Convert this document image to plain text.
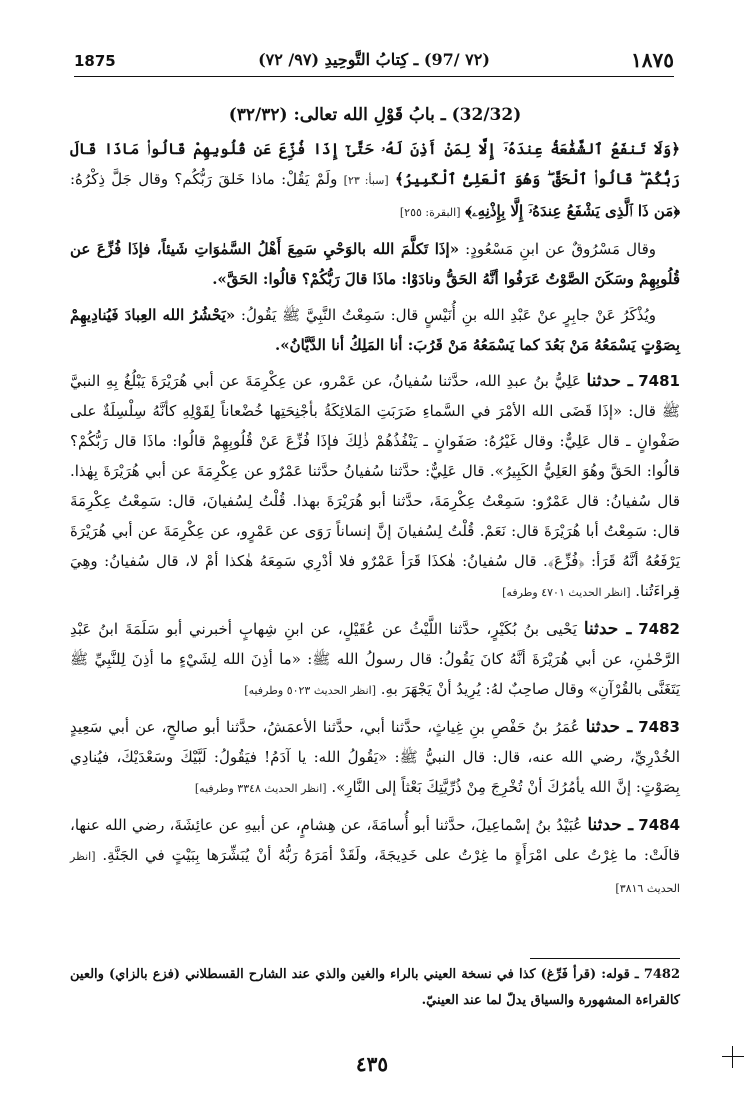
١٨٧٥
(٧٢ /97) ـ كِتابُ التَّوحِيدِ (٩٧/ ٧٢)
1875
(32/32) ـ بابُ قَوْلِ الله تعالى: (٣٢/٣٢)

﴿وَلَا تَنفَعُ ٱلشَّفَٰعَةُ عِندَهُۥٓ إِلَّا لِمَنْ أَذِنَ لَهُۥ حَتَّىٰٓ إِذَا فُزِّعَ عَن قُلُوبِهِمْ قَالُوا۟ مَاذَا قَالَ رَبُّكُمْ ۖ قَالُوا۟ ٱلْحَقَّ ۖ وَهُوَ ٱلْعَلِىُّ ٱلْكَبِيرُ﴾ [سبأ: ٢٣] ولَمْ يَقُلْ: ماذا خَلقَ رَبُّكُم؟ وقال جَلَّ ذِكْرُهُ: ﴿مَن ذَا ٱلَّذِى يَشْفَعُ عِندَهُۥٓ إِلَّا بِإِذْنِهِۦ﴾ [البقرة: ٢٥٥]

وقال مَسْرُوقٌ عن ابنِ مَسْعُودٍ: «إذَا تَكلَّمَ الله بالوَحْيِ سَمِعَ أَهْلُ السَّمٰوَاتِ شَيئاً، فإذَا فُزِّعَ عن قُلُوبِهِمْ وسَكَنَ الصَّوْتُ عَرَفُوا أنَّهُ الحَقُّ ونادَوْا: ماذَا قالَ رَبُّكُمْ؟ قالُوا: الحَقَّ».

ويُذْكَرُ عَنْ جابِرٍ عنْ عَبْدِ الله بنِ أُنَيْسٍ قال: سَمِعْتُ النَّبِيَّ ﷺ يَقُولُ: «يَحْشُرُ الله العِبادَ فَيُنادِيهِمْ بِصَوْتٍ يَسْمَعُهُ مَنْ بَعُدَ كما يَسْمَعُهُ مَنْ قَرُبَ: أنا المَلِكُ أنا الدَّيَّانُ».

7481 ـ حدثنا عَلِيُّ بنُ عبدِ الله، حدَّثنا سُفيانُ، عن عَمْرو، عن عِكْرِمَةَ عن أبي هُرَيْرَةَ يَبْلُغُ بِهِ النبيَّ ﷺ قال: «إذَا قَضَى الله الأمْرَ في السَّماءِ ضَرَبَتِ المَلائِكَةُ بأجْنِحَتِها خُضْعاناً لِقَوْلِهِ كأنَّهُ سِلْسِلَةٌ على صَفْوانٍ ـ قال عَلِيٌّ: وقال غَيْرُهُ: صَفَوانٍ ـ يَنْفُذُهُمْ ذٰلِكَ فإذَا فُزِّعَ عَنْ قُلُوبِهِمْ قالُوا: ماذَا قال رَبُّكُمْ؟ قالُوا: الحَقَّ وهُوَ العَلِيُّ الكَبِيرُ». قال عَلِيٌّ: حدَّثنا سُفيانُ حدَّثنا عَمْرٌو عن عِكْرِمَةَ عن أبي هُرَيْرَةَ بِهٰذا. قال سُفيانُ: قال عَمْرٌو: سَمِعْتُ عِكْرِمَةَ، حدَّثنا أبو هُرَيْرَةَ بهذا. قُلْتُ لِسُفيانَ، قال: سَمِعْتُ عِكْرِمَةَ قال: سَمِعْتُ أبا هُرَيْرَةَ قال: نَعَمْ. قُلْتُ لِسُفيانَ إنَّ إنساناً رَوَى عن عَمْرٍو، عن عِكْرِمَةَ عن أبي هُرَيْرَةَ يَرْفَعُهُ أنَّهُ قَرَأ: ﴿فُزِّعَ﴾. قال سُفيانُ: هٰكذَا قَرَأ عَمْرٌو فلا أدْرِي سَمِعَهُ هٰكذا أمْ لا، قال سُفيانُ: وهِيَ قِراءَتُنا. [انظر الحديث ٤٧٠١ وطرفه]

7482 ـ حدثنا يَحْيى بنُ بُكَيْرٍ، حدَّثنا اللَّيْثُ عن عُقَيْلٍ، عن ابنِ شِهابٍ أخبرني أبو سَلَمَةَ ابنُ عَبْدِ الرَّحْمٰنِ، عن أبي هُرَيْرَةَ أنَّهُ كانَ يَقُولُ: قال رسولُ الله ﷺ: «ما أذِنَ الله لِشَيْءٍ ما أذِنَ لِلنَّبِيِّ ﷺ يَتَغَنَّى بالقُرْآنِ» وقال صاحِبٌ لهُ: يُرِيدُ أنْ يَجْهَرَ بهِ. [انظر الحديث ٥٠٢٣ وطرفيه]

7483 ـ حدثنا عُمَرُ بنُ حَفْصِ بنِ غِياثٍ، حدَّثنا أبي، حدَّثنا الأعمَشُ، حدَّثنا أبو صالحٍ، عن أبي سَعِيدٍ الخُدْرِيِّ، رضي الله عنه، قال: قال النبيُّ ﷺ: «يَقُولُ الله: يا آدَمُ! فيَقُولُ: لَبَّيْكَ وسَعْدَيْكَ، فيُنادِي بِصَوْتٍ: إنَّ الله يأمُرُكَ أنْ تُخْرِجَ مِنْ ذُرِّيَّتِكَ بَعْثاً إلى النَّارِ». [انظر الحديث ٣٣٤٨ وطرفيه]

7484 ـ حدثنا عُبَيْدُ بنُ إسْماعِيلَ، حدَّثنا أبو أُسامَةَ، عن هِشامٍ، عن أبيهِ عن عائِشَةَ، رضي الله عنها، قالَتْ: ما غِرْتُ على امْرَأَةٍ ما غِرْتُ على خَدِيجَةَ، ولَقَدْ أمَرَهُ رَبُّهُ أنْ يُبَشِّرَها بِبَيْتٍ في الجَنَّةِ. [انظر الحديث ٣٨١٦]

7482 ـ قوله: (قرأ فَرِّغ) كذا في نسخة العيني بالراء والغين والذي عند الشارح القسطلاني (فزع بالزاي) والعين كالقراءة المشهورة والسياق يدلّ لما عند العينيّ.
٤٣٥
